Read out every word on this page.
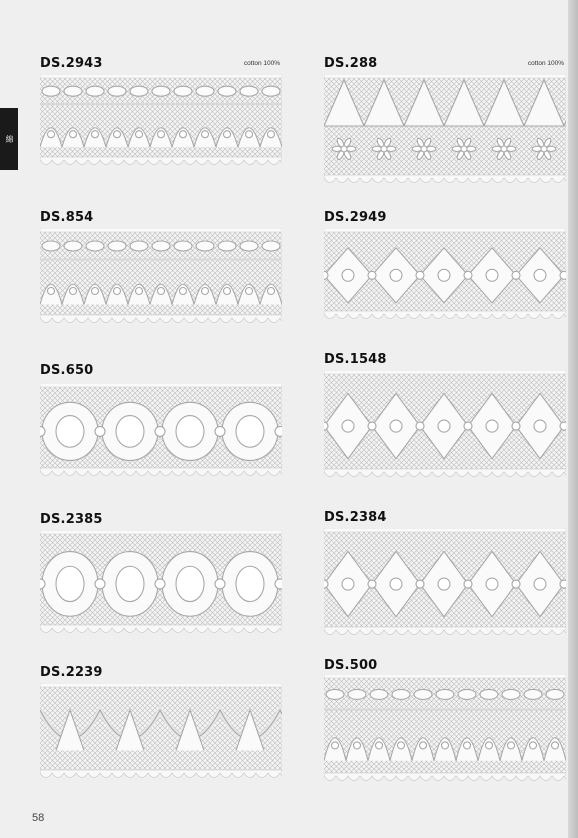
綿
DS.2943	cotton 100%
DS.854
DS.650
DS.2385
DS.2239
DS.288	cotton 100%
DS.2949
DS.1548
DS.2384
DS.500
58
